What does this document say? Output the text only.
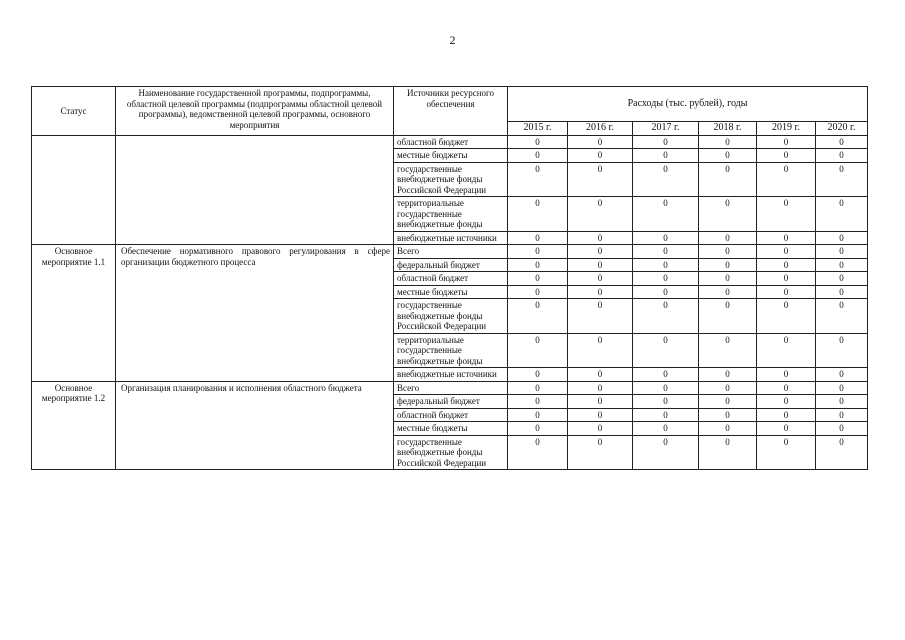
2
Статус	Наименование государственной программы, подпрограммы, областной целевой программы (подпрограммы областной целевой программы), ведомственной целевой программы, основного мероприятия	Источники ресурсного обеспечения	Расходы (тыс. рублей), годы					
			2015 г.	2016 г.	2017 г.	2018 г.	2019 г.	2020 г.
		областной бюджет	0	0	0	0	0	0
		местные бюджеты	0	0	0	0	0	0
		государственные внебюджетные фонды Российской Федерации	0	0	0	0	0	0
		территориальные государственные внебюджетные фонды	0	0	0	0	0	0
		внебюджетные источники	0	0	0	0	0	0
Основное мероприятие 1.1	Обеспечение нормативного правового регулирования в сфере организации бюджетного процесса	Всего	0	0	0	0	0	0
		федеральный бюджет	0	0	0	0	0	0
		областной бюджет	0	0	0	0	0	0
		местные бюджеты	0	0	0	0	0	0
		государственные внебюджетные фонды Российской Федерации	0	0	0	0	0	0
		территориальные государственные внебюджетные фонды	0	0	0	0	0	0
		внебюджетные источники	0	0	0	0	0	0
Основное мероприятие 1.2	Организация планирования и исполнения областного бюджета	Всего	0	0	0	0	0	0
		федеральный бюджет	0	0	0	0	0	0
		областной бюджет	0	0	0	0	0	0
		местные бюджеты	0	0	0	0	0	0
		государственные внебюджетные фонды Российской Федерации	0	0	0	0	0	0
